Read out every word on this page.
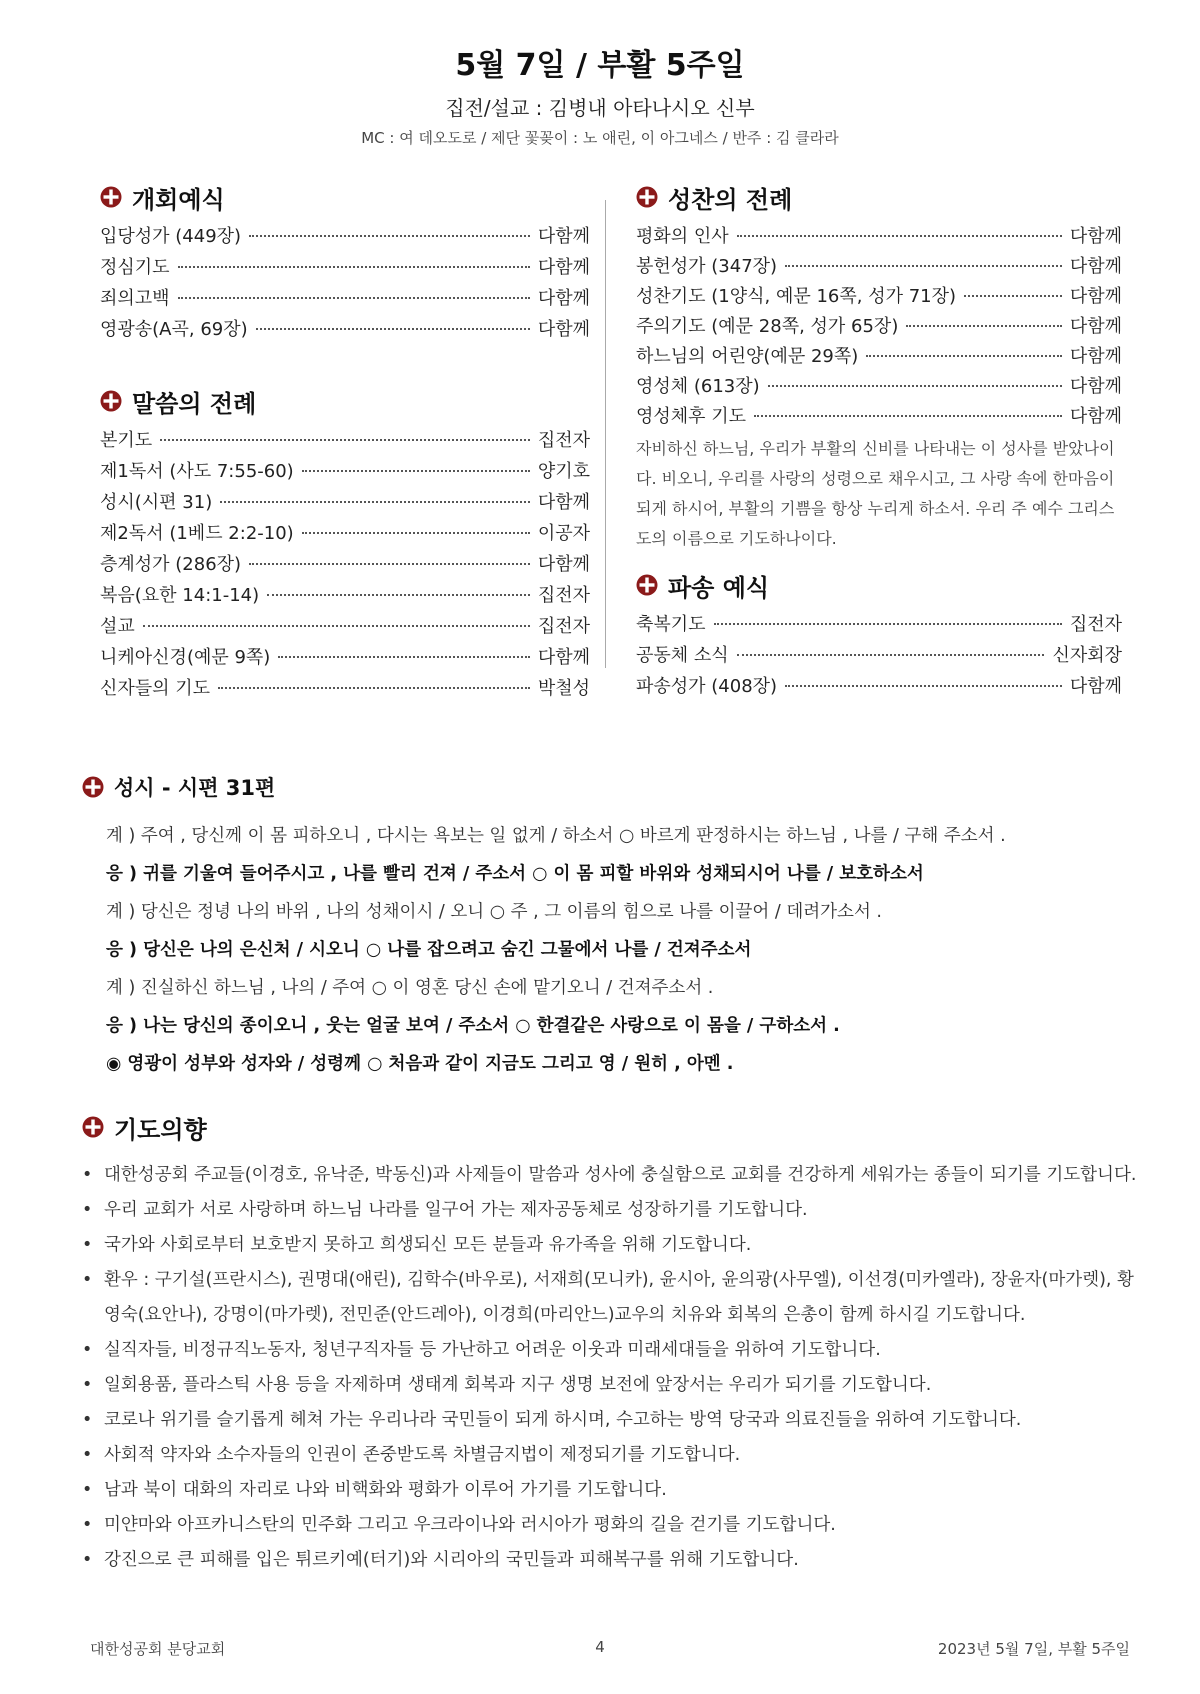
5월 7일 / 부활 5주일
집전/설교 : 김병내 아타나시오 신부
MC : 여 데오도로 / 제단 꽃꽂이 : 노 애린, 이 아그네스 / 반주 : 김 클라라
개회예식
입당성가 (449장)	다함께
정심기도	다함께
죄의고백	다함께
영광송(A곡, 69장)	다함께
말씀의 전례
본기도	집전자
제1독서 (사도 7:55-60)	양기호
성시(시편 31)	다함께
제2독서 (1베드 2:2-10)	이공자
층계성가 (286장)	다함께
복음(요한 14:1-14)	집전자
설교	집전자
니케아신경(예문 9쪽)	다함께
신자들의 기도	박철성
성찬의 전례
평화의 인사	다함께
봉헌성가 (347장)	다함께
성찬기도 (1양식, 예문 16쪽, 성가 71장)	다함께
주의기도 (예문 28쪽, 성가 65장)	다함께
하느님의 어린양(예문 29쪽)	다함께
영성체 (613장)	다함께
영성체후 기도	다함께
자비하신 하느님, 우리가 부활의 신비를 나타내는 이 성사를 받았나이다. 비오니, 우리를 사랑의 성령으로 채우시고, 그 사랑 속에 한마음이 되게 하시어, 부활의 기쁨을 항상 누리게 하소서. 우리 주 예수 그리스도의 이름으로 기도하나이다.
파송 예식
축복기도	집전자
공동체 소식	신자회장
파송성가 (408장)	다함께
성시 - 시편 31편
계 ) 주여 , 당신께 이 몸 피하오니 , 다시는 욕보는 일 없게 / 하소서 ○ 바르게 판정하시는 하느님 , 나를 / 구해 주소서 .
응 ) 귀를 기울여 들어주시고 , 나를 빨리 건져 / 주소서 ○ 이 몸 피할 바위와 성채되시어 나를 / 보호하소서
계 ) 당신은 정녕 나의 바위 , 나의 성채이시 / 오니 ○ 주 , 그 이름의 힘으로 나를 이끌어 / 데려가소서 .
응 ) 당신은 나의 은신처 / 시오니 ○ 나를 잡으려고 숨긴 그물에서 나를 / 건져주소서
계 ) 진실하신 하느님 , 나의 / 주여 ○ 이 영혼 당신 손에 맡기오니 / 건져주소서 .
응 ) 나는 당신의 종이오니 , 웃는 얼굴 보여 / 주소서 ○ 한결같은 사랑으로 이 몸을 / 구하소서 .
◉ 영광이 성부와 성자와 / 성령께 ○ 처음과 같이 지금도 그리고 영 / 원히 , 아멘 .
기도의향
• 대한성공회 주교들(이경호, 유낙준, 박동신)과 사제들이 말씀과 성사에 충실함으로 교회를 건강하게 세워가는 종들이 되기를 기도합니다.
• 우리 교회가 서로 사랑하며 하느님 나라를 일구어 가는 제자공동체로 성장하기를 기도합니다.
• 국가와 사회로부터 보호받지 못하고 희생되신 모든 분들과 유가족을 위해 기도합니다.
• 환우 : 구기설(프란시스), 권명대(애린), 김학수(바우로), 서재희(모니카), 윤시아, 윤의광(사무엘), 이선경(미카엘라), 장윤자(마가렛), 황영숙(요안나), 강명이(마가렛), 전민준(안드레아), 이경희(마리안느)교우의 치유와 회복의 은총이 함께 하시길 기도합니다.
• 실직자들, 비정규직노동자, 청년구직자들 등 가난하고 어려운 이웃과 미래세대들을 위하여 기도합니다.
• 일회용품, 플라스틱 사용 등을 자제하며 생태계 회복과 지구 생명 보전에 앞장서는 우리가 되기를 기도합니다.
• 코로나 위기를 슬기롭게 헤쳐 가는 우리나라 국민들이 되게 하시며, 수고하는 방역 당국과 의료진들을 위하여 기도합니다.
• 사회적 약자와 소수자들의 인권이 존중받도록 차별금지법이 제정되기를 기도합니다.
• 남과 북이 대화의 자리로 나와 비핵화와 평화가 이루어 가기를 기도합니다.
• 미얀마와 아프카니스탄의 민주화 그리고 우크라이나와 러시아가 평화의 길을 걷기를 기도합니다.
• 강진으로 큰 피해를 입은 튀르키예(터기)와 시리아의 국민들과 피해복구를 위해 기도합니다.
대한성공회 분당교회	4	2023년 5월 7일, 부활 5주일
